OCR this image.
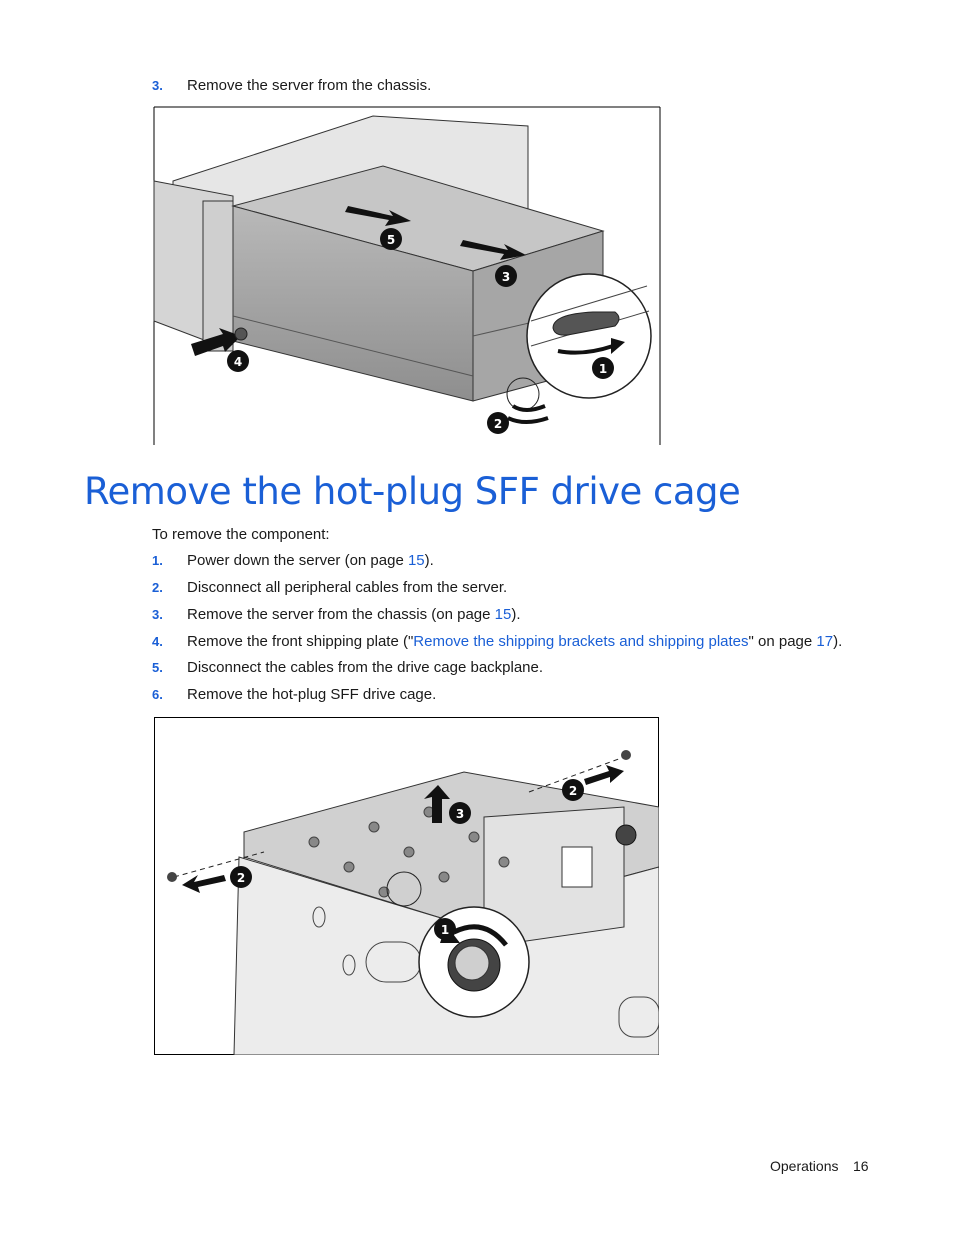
3. Remove the server from the chassis.
5
3
4	1
2
Remove the hot-plug SFF drive cage
To remove the component:
1. Power down the server (on page 15).
2. Disconnect all peripheral cables from the server.
3. Remove the server from the chassis (on page 15).
4. Remove the front shipping plate ("Remove the shipping brackets and shipping plates" on page 17).
5. Disconnect the cables from the drive cage backplane.
6. Remove the hot-plug SFF drive cage.
2
2
3
1
Operations 16
